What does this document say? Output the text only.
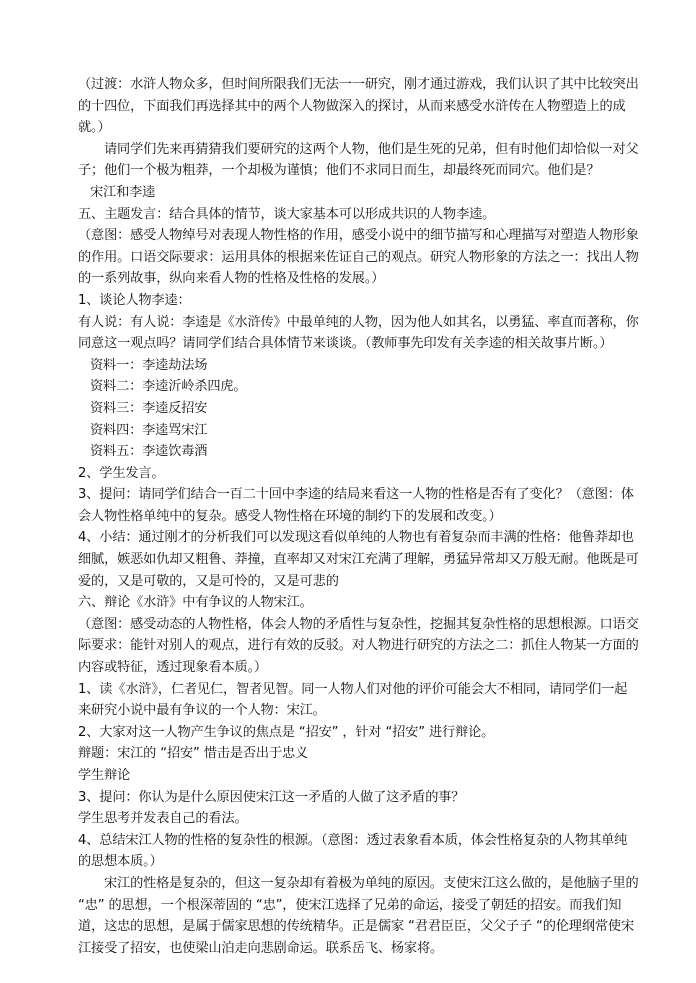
（过渡：水浒人物众多，但时间所限我们无法一一研究，刚才通过游戏，我们认识了其中比较突出
的十四位，下面我们再选择其中的两个人物做深入的探讨，从而来感受水浒传在人物塑造上的成
就。）
请同学们先来再猜猜我们要研究的这两个人物，他们是生死的兄弟，但有时他们却恰似一对父
子；他们一个极为粗莽，一个却极为谨慎；他们不求同日而生，却最终死而同穴。他们是？
宋江和李逵
五、主题发言：结合具体的情节，谈大家基本可以形成共识的人物李逵。
（意图：感受人物绰号对表现人物性格的作用，感受小说中的细节描写和心理描写对塑造人物形象
的作用。口语交际要求：运用具体的根据来佐证自己的观点。研究人物形象的方法之一：找出人物
的一系列故事，纵向来看人物的性格及性格的发展。）
1、谈论人物李逵：
有人说：有人说：李逵是《水浒传》中最单纯的人物，因为他人如其名，以勇猛、率直而著称，你
同意这一观点吗？请同学们结合具体情节来谈谈。（教师事先印发有关李逵的相关故事片断。）
资料一：李逵劫法场
资料二：李逵沂岭杀四虎。
资料三：李逵反招安
资料四：李逵骂宋江
资料五：李逵饮毒酒
2、学生发言。
3、提问：请同学们结合一百二十回中李逵的结局来看这一人物的性格是否有了变化？（意图：体
会人物性格单纯中的复杂。感受人物性格在环境的制约下的发展和改变。）
4、小结：通过刚才的分析我们可以发现这看似单纯的人物也有着复杂而丰满的性格：他鲁莽却也
细腻，嫉恶如仇却又粗鲁、莽撞，直率却又对宋江充满了理解，勇猛异常却又万般无耐。他既是可
爱的，又是可敬的，又是可怜的，又是可悲的
六、辩论《水浒》中有争议的人物宋江。
（意图：感受动态的人物性格，体会人物的矛盾性与复杂性，挖掘其复杂性格的思想根源。口语交
际要求：能针对别人的观点，进行有效的反驳。对人物进行研究的方法之二：抓住人物某一方面的
内容或特征，透过现象看本质。）
1、读《水浒》，仁者见仁，智者见智。同一人物人们对他的评价可能会大不相同，请同学们一起
来研究小说中最有争议的一个人物：宋江。
2、大家对这一人物产生争议的焦点是 “招安” ，针对 “招安” 进行辩论。
辩题：宋江的 “招安” 惜击是否出于忠义
学生辩论
3、提问：你认为是什么原因使宋江这一矛盾的人做了这矛盾的事？
学生思考并发表自己的看法。
4、总结宋江人物的性格的复杂性的根源。（意图：透过表象看本质，体会性格复杂的人物其单纯
的思想本质。）
宋江的性格是复杂的，但这一复杂却有着极为单纯的原因。支使宋江这么做的，是他脑子里的
“忠” 的思想，一个根深蒂固的 “忠”，使宋江选择了兄弟的命运，接受了朝廷的招安。而我们知
道，这忠的思想，是属于儒家思想的传统精华。正是儒家 “君君臣臣，父父子子 “的伦理纲常使宋
江接受了招安，也使梁山泊走向悲剧命运。联系岳飞、杨家将。
